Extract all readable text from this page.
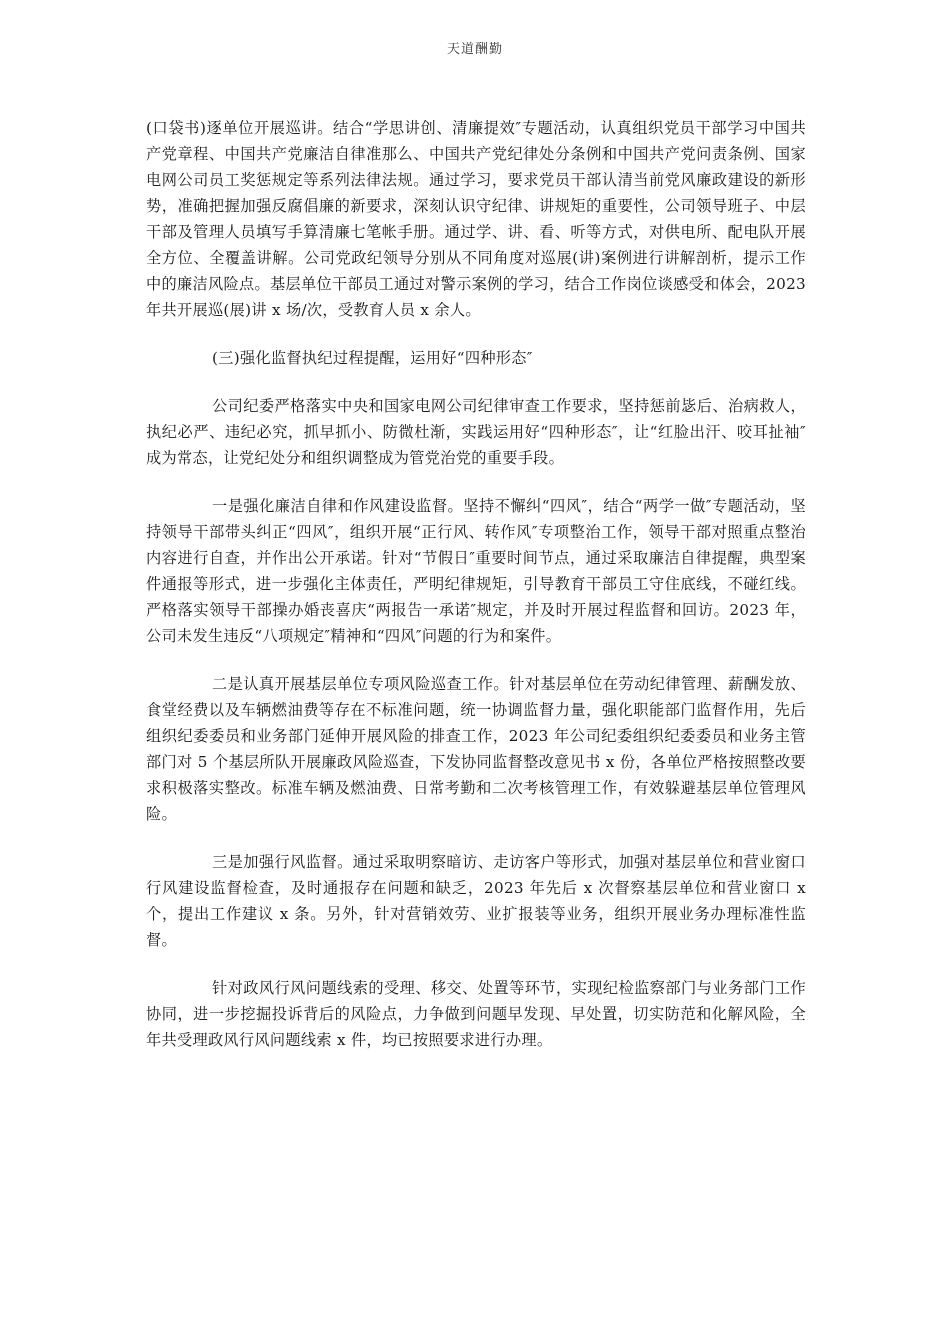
天道酬勤

(口袋书)逐单位开展巡讲。结合“学思讲创、清廉提效″专题活动，认真组织党员干部学习中国共产党章程、中国共产党廉洁自律准那么、中国共产党纪律处分条例和中国共产党问责条例、国家电网公司员工奖惩规定等系列法律法规。通过学习，要求党员干部认清当前党风廉政建设的新形势，准确把握加强反腐倡廉的新要求，深刻认识守纪律、讲规矩的重要性，公司领导班子、中层干部及管理人员填写手算清廉七笔帐手册。通过学、讲、看、听等方式，对供电所、配电队开展全方位、全覆盖讲解。公司党政纪领导分别从不同角度对巡展(讲)案例进行讲解剖析，提示工作中的廉洁风险点。基层单位干部员工通过对警示案例的学习，结合工作岗位谈感受和体会，2023 年共开展巡(展)讲 x 场/次，受教育人员 x 余人。

(三)强化监督执纪过程提醒，运用好“四种形态″

公司纪委严格落实中央和国家电网公司纪律审查工作要求，坚持惩前毖后、治病救人，执纪必严、违纪必究，抓早抓小、防微杜渐，实践运用好“四种形态″，让“红脸出汗、咬耳扯袖″成为常态，让党纪处分和组织调整成为管党治党的重要手段。

一是强化廉洁自律和作风建设监督。坚持不懈纠“四风″，结合“两学一做″专题活动，坚持领导干部带头纠正“四风″，组织开展“正行风、转作风″专项整治工作，领导干部对照重点整治内容进行自查，并作出公开承诺。针对“节假日″重要时间节点，通过采取廉洁自律提醒，典型案件通报等形式，进一步强化主体责任，严明纪律规矩，引导教育干部员工守住底线，不碰红线。严格落实领导干部操办婚丧喜庆“两报告一承诺″规定，并及时开展过程监督和回访。2023 年，公司未发生违反“八项规定″精神和“四风″问题的行为和案件。

二是认真开展基层单位专项风险巡查工作。针对基层单位在劳动纪律管理、薪酬发放、食堂经费以及车辆燃油费等存在不标准问题，统一协调监督力量，强化职能部门监督作用，先后组织纪委委员和业务部门延伸开展风险的排查工作，2023 年公司纪委组织纪委委员和业务主管部门对 5 个基层所队开展廉政风险巡查，下发协同监督整改意见书 x 份，各单位严格按照整改要求积极落实整改。标准车辆及燃油费、日常考勤和二次考核管理工作，有效躲避基层单位管理风险。

三是加强行风监督。通过采取明察暗访、走访客户等形式，加强对基层单位和营业窗口行风建设监督检查，及时通报存在问题和缺乏，2023 年先后 x 次督察基层单位和营业窗口 x 个，提出工作建议 x 条。另外，针对营销效劳、业扩报装等业务，组织开展业务办理标准性监督。

针对政风行风问题线索的受理、移交、处置等环节，实现纪检监察部门与业务部门工作协同，进一步挖掘投诉背后的风险点，力争做到问题早发现、早处置，切实防范和化解风险，全年共受理政风行风问题线索 x 件，均已按照要求进行办理。
